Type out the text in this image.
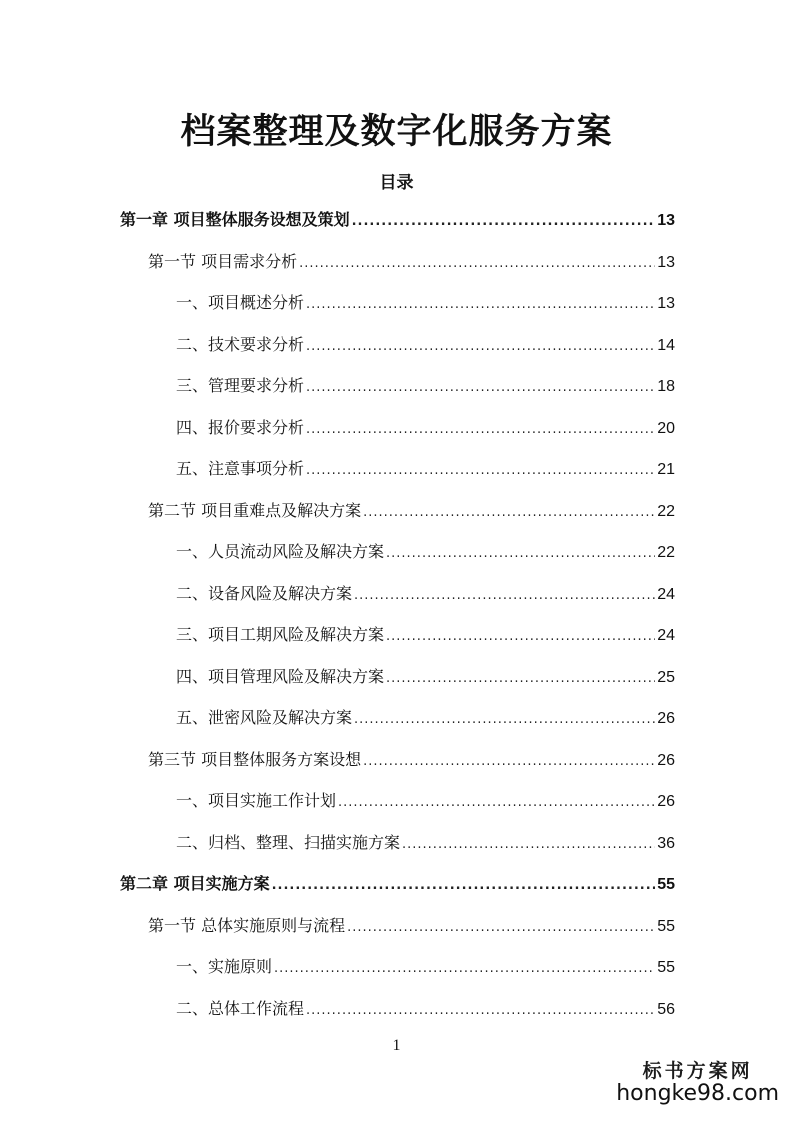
档案整理及数字化服务方案
目录
第一章 项目整体服务设想及策划 .....	13
第一节 项目需求分析 .....	13
一、项目概述分析 .....	13
二、技术要求分析 .....	14
三、管理要求分析 .....	18
四、报价要求分析 .....	20
五、注意事项分析 .....	21
第二节 项目重难点及解决方案 .....	22
一、人员流动风险及解决方案 .....	22
二、设备风险及解决方案 .....	24
三、项目工期风险及解决方案 .....	24
四、项目管理风险及解决方案 .....	25
五、泄密风险及解决方案 .....	26
第三节 项目整体服务方案设想 .....	26
一、项目实施工作计划 .....	26
二、归档、整理、扫描实施方案 .....	36
第二章 项目实施方案 .....	55
第一节 总体实施原则与流程 .....	55
一、实施原则 .....	55
二、总体工作流程 .....	56
1
标书方案网
hongke98.com
